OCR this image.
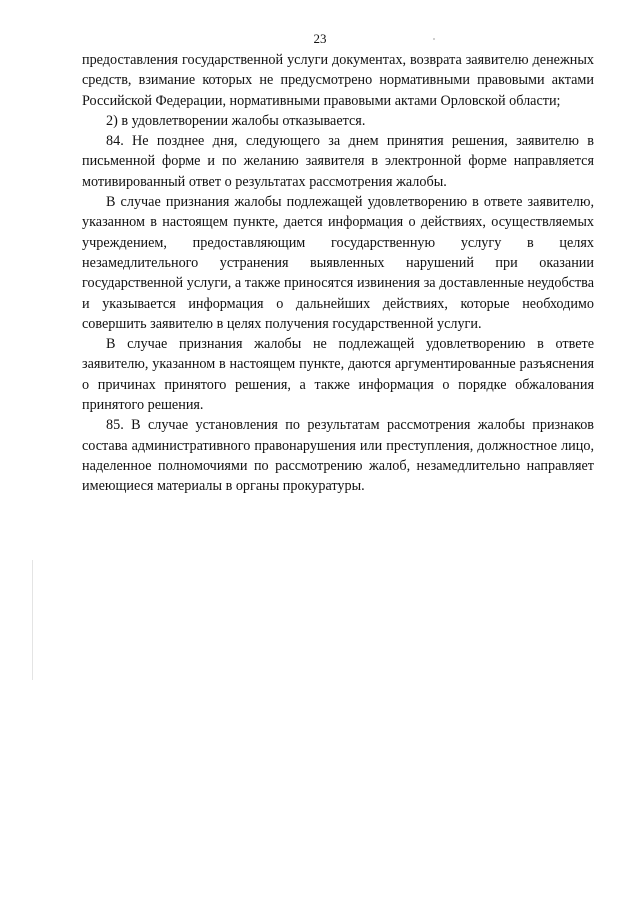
23

предоставления государственной услуги документах, возврата заявителю денежных средств, взимание которых не предусмотрено нормативными правовыми актами Российской Федерации, нормативными правовыми актами Орловской области;

2) в удовлетворении жалобы отказывается.

84. Не позднее дня, следующего за днем принятия решения, заявителю в письменной форме и по желанию заявителя в электронной форме направляется мотивированный ответ о результатах рассмотрения жалобы.

В случае признания жалобы подлежащей удовлетворению в ответе заявителю, указанном в настоящем пункте, дается информация о действиях, осуществляемых учреждением, предоставляющим государственную услугу в целях незамедлительного устранения выявленных нарушений при оказании государственной услуги, а также приносятся извинения за доставленные неудобства и указывается информация о дальнейших действиях, которые необходимо совершить заявителю в целях получения государственной услуги.

В случае признания жалобы не подлежащей удовлетворению в ответе заявителю, указанном в настоящем пункте, даются аргументированные разъяснения о причинах принятого решения, а также информация о порядке обжалования принятого решения.

85. В случае установления по результатам рассмотрения жалобы признаков состава административного правонарушения или преступления, должностное лицо, наделенное полномочиями по рассмотрению жалоб, незамедлительно направляет имеющиеся материалы в органы прокуратуры.
